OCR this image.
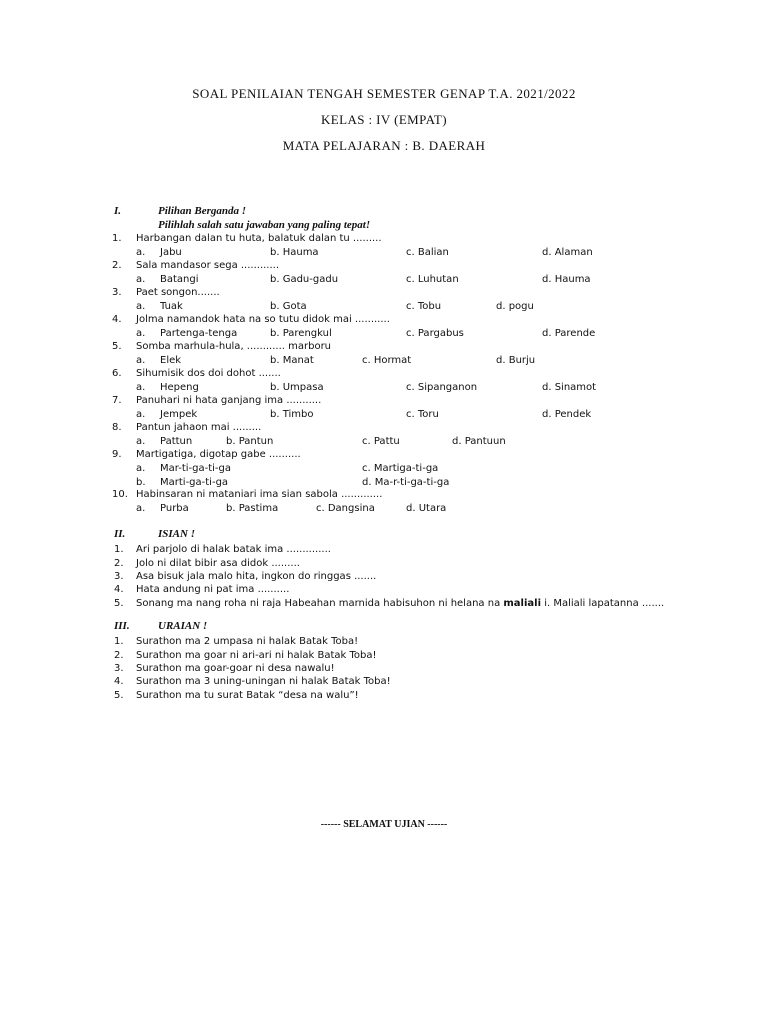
SOAL PENILAIAN TENGAH SEMESTER GENAP T.A. 2021/2022
KELAS : IV (EMPAT)
MATA PELAJARAN : B. DAERAH
I.	Pilihan Berganda !
Pilihlah salah satu jawaban yang paling tepat!
1. Harbangan dalan tu huta, balatuk dalan tu .........
a. Jabu	b. Hauma	c. Balian	d. Alaman
2. Sala mandasor sega ............
a. Batangi	b. Gadu-gadu	c. Luhutan	d. Hauma
3. Paet songon.......
a. Tuak	b. Gota	c. Tobu	d. pogu
4. Jolma namandok hata na so tutu didok mai ...........
a. Partenga-tenga	b. Parengkul	c. Pargabus	d. Parende
5. Somba marhula-hula, ............ marboru
a. Elek	b. Manat	c. Hormat	d. Burju
6. Sihumisik dos doi dohot .......
a. Hepeng	b. Umpasa	c. Sipanganon	d. Sinamot
7. Panuhari ni hata ganjang ima ...........
a. Jempek	b. Timbo	c. Toru	d. Pendek
8. Pantun jahaon mai .........
a. Pattun	b. Pantun	c. Pattu	d. Pantuun
9. Martigatiga, digotap gabe ..........
a. Mar-ti-ga-ti-ga	c. Martiga-ti-ga
b. Marti-ga-ti-ga	d. Ma-r-ti-ga-ti-ga
10. Habinsaran ni mataniari ima sian sabola .............
a. Purba	b. Pastima	c. Dangsina	d. Utara
II.	ISIAN !
1. Ari parjolo di halak batak ima ..............
2. Jolo ni dilat bibir asa didok .........
3. Asa bisuk jala malo hita, ingkon do ringgas .......
4. Hata andung ni pat ima ..........
5. Sonang ma nang roha ni raja Habeahan marnida habisuhon ni helana na maliali i. Maliali lapatanna .......
III.	URAIAN !
1. Surathon ma 2 umpasa ni halak Batak Toba!
2. Surathon ma goar ni ari-ari ni halak Batak Toba!
3. Surathon ma goar-goar ni desa nawalu!
4. Surathon ma 3 uning-uningan ni halak Batak Toba!
5. Surathon ma tu surat Batak “desa na walu”!
------ SELAMAT UJIAN ------
